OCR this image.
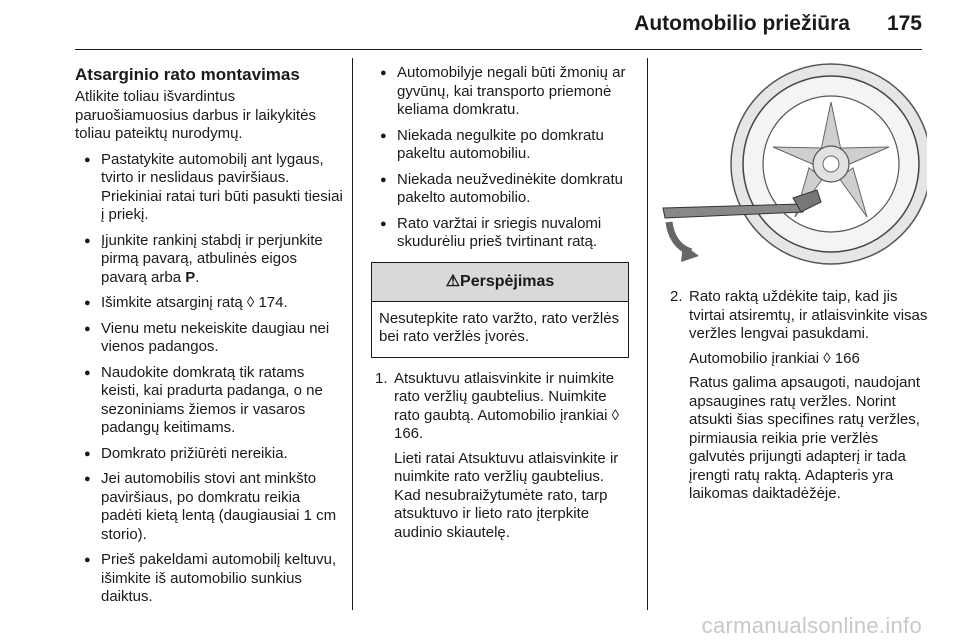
Automobilio priežiūra 175

Atsarginio rato montavimas

Atlikite toliau išvardintus paruošiamuosius darbus ir laikykitės toliau pateiktų nurodymų.

● Pastatykite automobilį ant lygaus, tvirto ir neslidaus paviršiaus. Priekiniai ratai turi būti pasukti tiesiai į priekį.

● Įjunkite rankinį stabdį ir perjunkite pirmą pavarą, atbulinės eigos pavarą arba P.

● Išimkite atsarginį ratą ◊ 174.

● Vienu metu nekeiskite daugiau nei vienos padangos.

● Naudokite domkratą tik ratams keisti, kai pradurta padanga, o ne sezoniniams žiemos ir vasaros padangų keitimams.

● Domkrato prižiūrėti nereikia.

● Jei automobilis stovi ant minkšto paviršiaus, po domkratu reikia padėti kietą lentą (daugiausiai 1 cm storio).

● Prieš pakeldami automobilį keltuvu, išimkite iš automobilio sunkius daiktus.

● Automobilyje negali būti žmonių ar gyvūnų, kai transporto priemonė keliama domkratu.

● Niekada negulkite po domkratu pakeltu automobiliu.

● Niekada neužvedinėkite domkratu pakelto automobilio.

● Rato varžtai ir sriegis nuvalomi skudurėliu prieš tvirtinant ratą.

⚠Perspėjimas
Nesutepkite rato varžto, rato veržlės bei rato veržlės įvorės.

1. Atsuktuvu atlaisvinkite ir nuimkite rato veržlių gaubtelius. Nuimkite rato gaubtą. Automobilio įrankiai ◊ 166.

Lieti ratai Atsuktuvu atlaisvinkite ir nuimkite rato veržlių gaubtelius. Kad nesubraižytumėte rato, tarp atsuktuvo ir lieto rato įterpkite audinio skiautelę.

2. Rato raktą uždėkite taip, kad jis tvirtai atsiremtų, ir atlaisvinkite visas veržles lengvai pasukdami.

Automobilio įrankiai ◊ 166

Ratus galima apsaugoti, naudojant apsaugines ratų veržles. Norint atsukti šias specifines ratų veržles, pirmiausia reikia prie veržlės galvutės prijungti adapterį ir tada įrengti ratų raktą. Adapteris yra laikomas daiktadėžėje.

carmanualsonline.info
